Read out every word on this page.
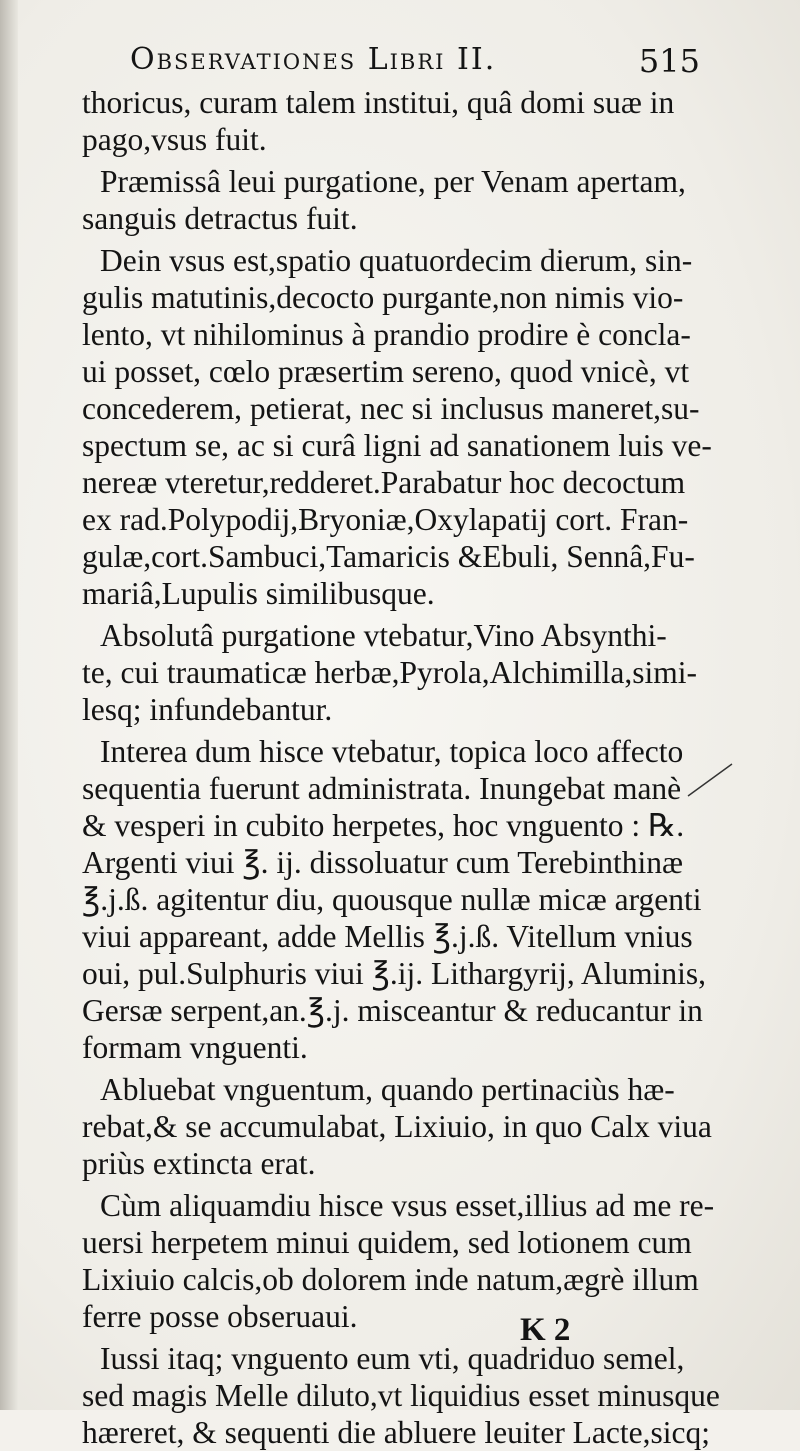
Observationes Libri II.	515
thoricus, curam talem institui, quâ domi suæ in
pago,vsus fuit.
Præmissâ leui purgatione, per Venam apertam,
sanguis detractus fuit.
Dein vsus est,spatio quatuordecim dierum, sin-
gulis matutinis,decocto purgante,non nimis vio-
lento, vt nihilominus à prandio prodire è concla-
ui posset, cœlo præsertim sereno, quod vnicè, vt
concederem, petierat, nec si inclusus maneret,su-
spectum se, ac si curâ ligni ad sanationem luis ve-
nereæ vteretur,redderet.Parabatur hoc decoctum
ex rad.Polypodij,Bryoniæ,Oxylapatij cort. Fran-
gulæ,cort.Sambuci,Tamaricis &Ebuli, Sennâ,Fu-
mariâ,Lupulis similibusque.
Absolutâ purgatione vtebatur,Vino Absynthi-
te, cui traumaticæ herbæ,Pyrola,Alchimilla,simi-
lesq; infundebantur.
Interea dum hisce vtebatur, topica loco affecto
sequentia fuerunt administrata. Inungebat manè
& vesperi in cubito herpetes, hoc vnguento : ℞.
Argenti viui ℥. ij. dissoluatur cum Terebinthinæ
℥.j.ß. agitentur diu, quousque nullæ micæ argenti
viui appareant, adde Mellis ℥.j.ß. Vitellum vnius
oui, pul.Sulphuris viui ℥.ij. Lithargyrij, Aluminis,
Gersæ serpent,an.℥.j. misceantur & reducantur in
formam vnguenti.
Abluebat vnguentum, quando pertinaciùs hæ-
rebat,& se accumulabat, Lixiuio, in quo Calx viua
priùs extincta erat.
Cùm aliquamdiu hisce vsus esset,illius ad me re-
uersi herpetem minui quidem, sed lotionem cum
Lixiuio calcis,ob dolorem inde natum,ægrè illum
ferre posse obseruaui.
Iussi itaq; vnguento eum vti, quadriduo semel,
sed magis Melle diluto,vt liquidius esset minusque
hæreret, & sequenti die abluere leuiter Lacte,sicq;
K 2
